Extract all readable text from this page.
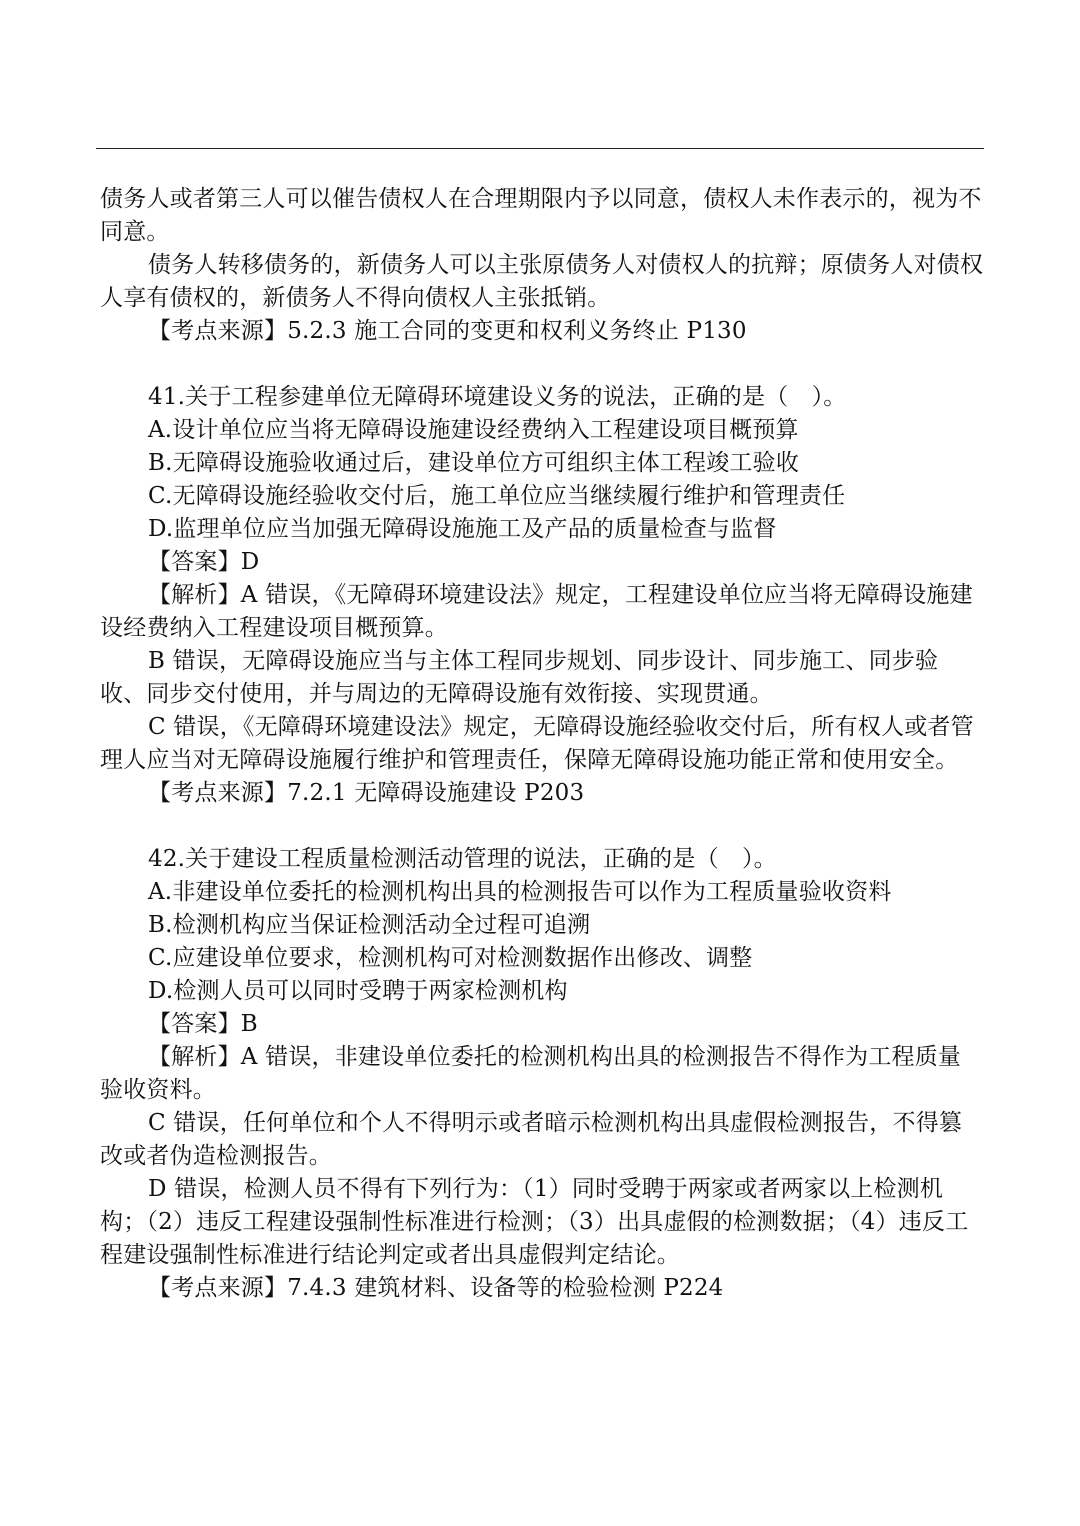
债务人或者第三人可以催告债权人在合理期限内予以同意，债权人未作表示的，视为不同意。

债务人转移债务的，新债务人可以主张原债务人对债权人的抗辩；原债务人对债权人享有债权的，新债务人不得向债权人主张抵销。

【考点来源】5.2.3 施工合同的变更和权利义务终止 P130

41.关于工程参建单位无障碍环境建设义务的说法，正确的是（　）。

A.设计单位应当将无障碍设施建设经费纳入工程建设项目概预算

B.无障碍设施验收通过后，建设单位方可组织主体工程竣工验收

C.无障碍设施经验收交付后，施工单位应当继续履行维护和管理责任

D.监理单位应当加强无障碍设施施工及产品的质量检查与监督

【答案】D

【解析】A 错误，《无障碍环境建设法》规定，工程建设单位应当将无障碍设施建设经费纳入工程建设项目概预算。

B 错误，无障碍设施应当与主体工程同步规划、同步设计、同步施工、同步验收、同步交付使用，并与周边的无障碍设施有效衔接、实现贯通。

C 错误，《无障碍环境建设法》规定，无障碍设施经验收交付后，所有权人或者管理人应当对无障碍设施履行维护和管理责任，保障无障碍设施功能正常和使用安全。

【考点来源】7.2.1 无障碍设施建设 P203

42.关于建设工程质量检测活动管理的说法，正确的是（　）。

A.非建设单位委托的检测机构出具的检测报告可以作为工程质量验收资料

B.检测机构应当保证检测活动全过程可追溯

C.应建设单位要求，检测机构可对检测数据作出修改、调整

D.检测人员可以同时受聘于两家检测机构

【答案】B

【解析】A 错误，非建设单位委托的检测机构出具的检测报告不得作为工程质量验收资料。

C 错误，任何单位和个人不得明示或者暗示检测机构出具虚假检测报告，不得篡改或者伪造检测报告。

D 错误，检测人员不得有下列行为：（1）同时受聘于两家或者两家以上检测机构；（2）违反工程建设强制性标准进行检测；（3）出具虚假的检测数据；（4）违反工程建设强制性标准进行结论判定或者出具虚假判定结论。

【考点来源】7.4.3 建筑材料、设备等的检验检测 P224
